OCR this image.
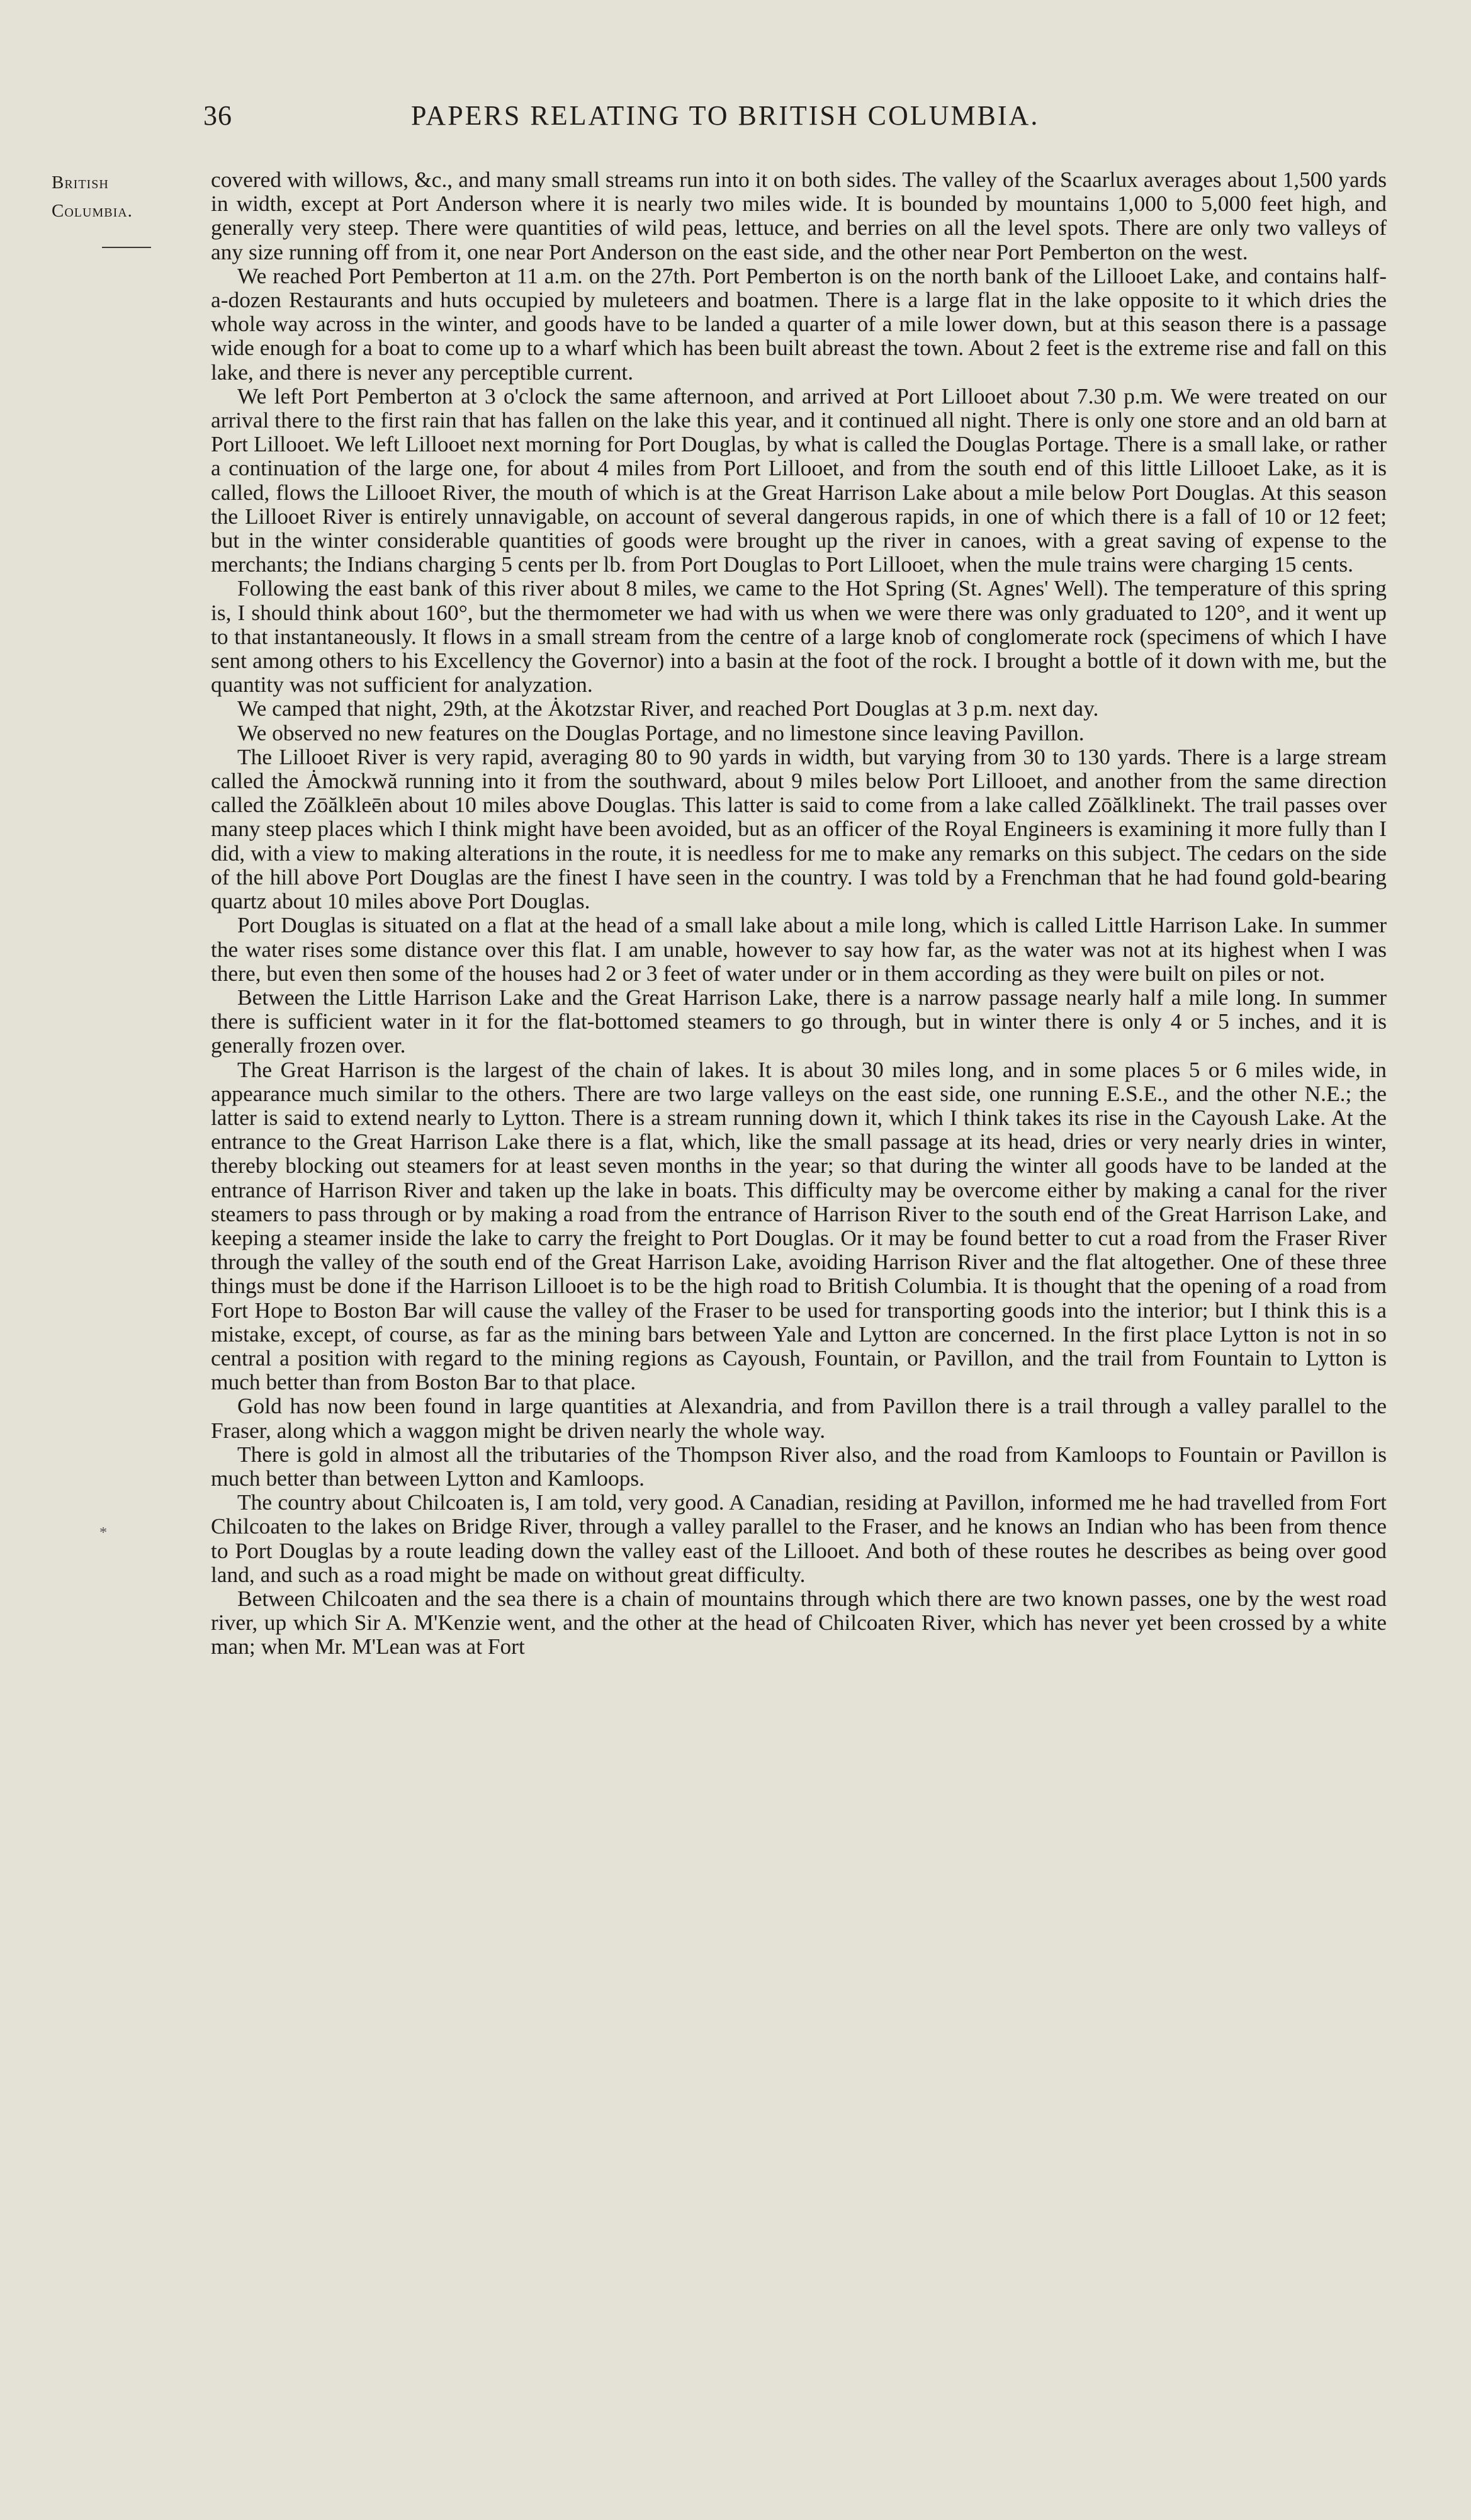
36	PAPERS RELATING TO BRITISH COLUMBIA.
British
Columbia.
*

covered with willows, &c., and many small streams run into it on both sides. The valley of the Scaarlux averages about 1,500 yards in width, except at Port Anderson where it is nearly two miles wide. It is bounded by mountains 1,000 to 5,000 feet high, and generally very steep. There were quantities of wild peas, lettuce, and berries on all the level spots. There are only two valleys of any size running off from it, one near Port Anderson on the east side, and the other near Port Pemberton on the west.

We reached Port Pemberton at 11 a.m. on the 27th. Port Pemberton is on the north bank of the Lillooet Lake, and contains half-a-dozen Restaurants and huts occupied by muleteers and boatmen. There is a large flat in the lake opposite to it which dries the whole way across in the winter, and goods have to be landed a quarter of a mile lower down, but at this season there is a passage wide enough for a boat to come up to a wharf which has been built abreast the town. About 2 feet is the extreme rise and fall on this lake, and there is never any perceptible current.

We left Port Pemberton at 3 o'clock the same afternoon, and arrived at Port Lillooet about 7.30 p.m. We were treated on our arrival there to the first rain that has fallen on the lake this year, and it continued all night. There is only one store and an old barn at Port Lillooet. We left Lillooet next morning for Port Douglas, by what is called the Douglas Portage. There is a small lake, or rather a continuation of the large one, for about 4 miles from Port Lillooet, and from the south end of this little Lillooet Lake, as it is called, flows the Lillooet River, the mouth of which is at the Great Harrison Lake about a mile below Port Douglas. At this season the Lillooet River is entirely unnavigable, on account of several dangerous rapids, in one of which there is a fall of 10 or 12 feet; but in the winter considerable quantities of goods were brought up the river in canoes, with a great saving of expense to the merchants; the Indians charging 5 cents per lb. from Port Douglas to Port Lillooet, when the mule trains were charging 15 cents.

Following the east bank of this river about 8 miles, we came to the Hot Spring (St. Agnes' Well). The temperature of this spring is, I should think about 160°, but the thermometer we had with us when we were there was only graduated to 120°, and it went up to that instantaneously. It flows in a small stream from the centre of a large knob of conglomerate rock (specimens of which I have sent among others to his Excellency the Governor) into a basin at the foot of the rock. I brought a bottle of it down with me, but the quantity was not sufficient for analyzation.

We camped that night, 29th, at the Ȧkotzstar River, and reached Port Douglas at 3 p.m. next day.

We observed no new features on the Douglas Portage, and no limestone since leaving Pavillon.

The Lillooet River is very rapid, averaging 80 to 90 yards in width, but varying from 30 to 130 yards. There is a large stream called the Ȧmockwă running into it from the southward, about 9 miles below Port Lillooet, and another from the same direction called the Zōălkleēn about 10 miles above Douglas. This latter is said to come from a lake called Zōălklinekt. The trail passes over many steep places which I think might have been avoided, but as an officer of the Royal Engineers is examining it more fully than I did, with a view to making alterations in the route, it is needless for me to make any remarks on this subject. The cedars on the side of the hill above Port Douglas are the finest I have seen in the country. I was told by a Frenchman that he had found gold-bearing quartz about 10 miles above Port Douglas.

Port Douglas is situated on a flat at the head of a small lake about a mile long, which is called Little Harrison Lake. In summer the water rises some distance over this flat. I am unable, however to say how far, as the water was not at its highest when I was there, but even then some of the houses had 2 or 3 feet of water under or in them according as they were built on piles or not.

Between the Little Harrison Lake and the Great Harrison Lake, there is a narrow passage nearly half a mile long. In summer there is sufficient water in it for the flat-bottomed steamers to go through, but in winter there is only 4 or 5 inches, and it is generally frozen over.

The Great Harrison is the largest of the chain of lakes. It is about 30 miles long, and in some places 5 or 6 miles wide, in appearance much similar to the others. There are two large valleys on the east side, one running E.S.E., and the other N.E.; the latter is said to extend nearly to Lytton. There is a stream running down it, which I think takes its rise in the Cayoush Lake. At the entrance to the Great Harrison Lake there is a flat, which, like the small passage at its head, dries or very nearly dries in winter, thereby blocking out steamers for at least seven months in the year; so that during the winter all goods have to be landed at the entrance of Harrison River and taken up the lake in boats. This difficulty may be overcome either by making a canal for the river steamers to pass through or by making a road from the entrance of Harrison River to the south end of the Great Harrison Lake, and keeping a steamer inside the lake to carry the freight to Port Douglas. Or it may be found better to cut a road from the Fraser River through the valley of the south end of the Great Harrison Lake, avoiding Harrison River and the flat altogether. One of these three things must be done if the Harrison Lillooet is to be the high road to British Columbia. It is thought that the opening of a road from Fort Hope to Boston Bar will cause the valley of the Fraser to be used for transporting goods into the interior; but I think this is a mistake, except, of course, as far as the mining bars between Yale and Lytton are concerned. In the first place Lytton is not in so central a position with regard to the mining regions as Cayoush, Fountain, or Pavillon, and the trail from Fountain to Lytton is much better than from Boston Bar to that place.

Gold has now been found in large quantities at Alexandria, and from Pavillon there is a trail through a valley parallel to the Fraser, along which a waggon might be driven nearly the whole way.

There is gold in almost all the tributaries of the Thompson River also, and the road from Kamloops to Fountain or Pavillon is much better than between Lytton and Kamloops.

The country about Chilcoaten is, I am told, very good. A Canadian, residing at Pavillon, informed me he had travelled from Fort Chilcoaten to the lakes on Bridge River, through a valley parallel to the Fraser, and he knows an Indian who has been from thence to Port Douglas by a route leading down the valley east of the Lillooet. And both of these routes he describes as being over good land, and such as a road might be made on without great difficulty.

Between Chilcoaten and the sea there is a chain of mountains through which there are two known passes, one by the west road river, up which Sir A. M'Kenzie went, and the other at the head of Chilcoaten River, which has never yet been crossed by a white man; when Mr. M'Lean was at Fort
